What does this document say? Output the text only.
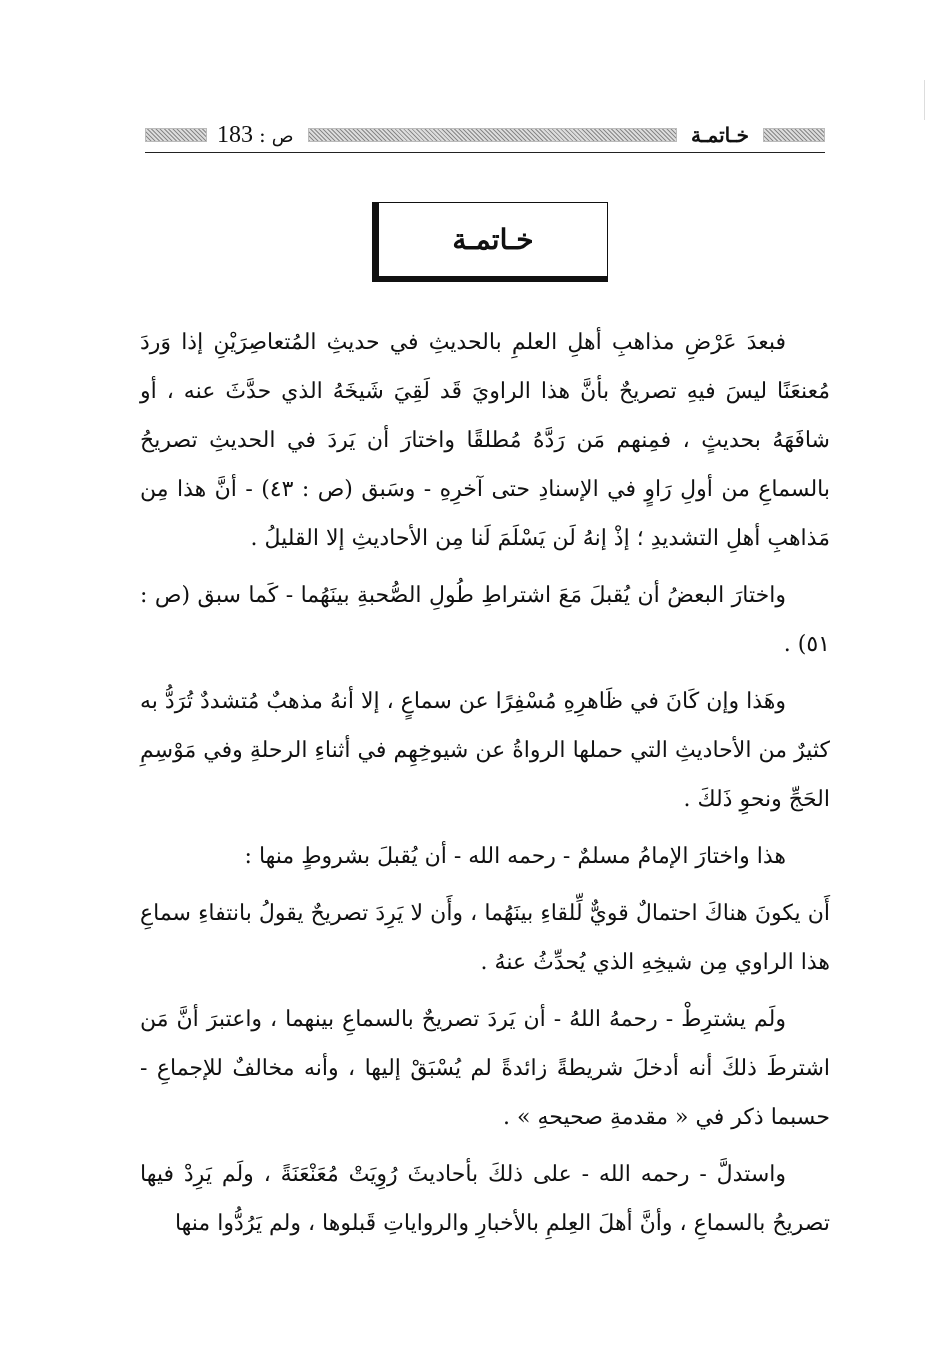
183 : ص	خـاتمـة
خـاتمـة

فبعدَ عَرْضِ مذاهبِ أهلِ العلمِ بالحديثِ في حديثِ المُتعاصِرَيْنِ إذا وَردَ مُعنعَنًا ليسَ فيهِ تصريحٌ بأنَّ هذا الراويَ قَد لَقِيَ شَيخَهُ الذي حدَّثَ عنه ، أو شافَهَهُ بحديثٍ ، فمِنهم مَن رَدَّهُ مُطلقًا واختارَ أن يَردَ في الحديثِ تصريحُ بالسماعِ من أولِ رَاوٍ في الإسنادِ حتى آخرِهِ - وسَبق (ص : ٤٣) - أنَّ هذا مِن مَذاهبِ أهلِ التشديدِ ؛ إذْ إنهُ لَن يَسْلَمَ لَنا مِن الأحاديثِ إلا القليلُ .

واختارَ البعضُ أن يُقبلَ مَعَ اشتراطِ طُولِ الصُّحبةِ بينَهُما - كَما سبق (ص : ٥١) .

وهَذا وإن كَانَ في ظَاهرِهِ مُسْفِرًا عن سماعٍ ، إلا أنهُ مذهبٌ مُتشددٌ تُرَدُّ به كثيرٌ من الأحاديثِ التي حملها الرواةُ عن شيوخِهِم في أثناءِ الرحلةِ وفي مَوْسِمِ الحَجِّ ونحوِ ذَلكَ .

هذا واختارَ الإمامُ مسلمٌ - رحمه الله - أن يُقبلَ بشروطٍ منها :

أَن يكونَ هناكَ احتمالٌ قويٌّ لِّلقاءِ بينَهُما ، وأَن لا يَرِدَ تصريحٌ يقولُ بانتفاءِ سماعِ هذا الراوي مِن شيخِهِ الذي يُحدِّثُ عنهُ .

ولَم يشترِطْ - رحمهُ اللهُ - أن يَردَ تصريحٌ بالسماعِ بينهما ، واعتبرَ أنَّ مَن اشترطَ ذلكَ أنه أدخلَ شريطةً زائدةً لم يُسْبَقْ إليها ، وأنه مخالفٌ للإجماعِ - حسبما ذكر في « مقدمةِ صحيحهِ » .

واستدلَّ - رحمه الله - على ذلكَ بأحاديثَ رُوِيَتْ مُعَنْعَنَةً ، ولَم يَرِدْ فيها تصريحُ بالسماعِ ، وأنَّ أهلَ العِلمِ بالأخبارِ والرواياتِ قَبلوها ، ولم يَرُدُّوا منها
